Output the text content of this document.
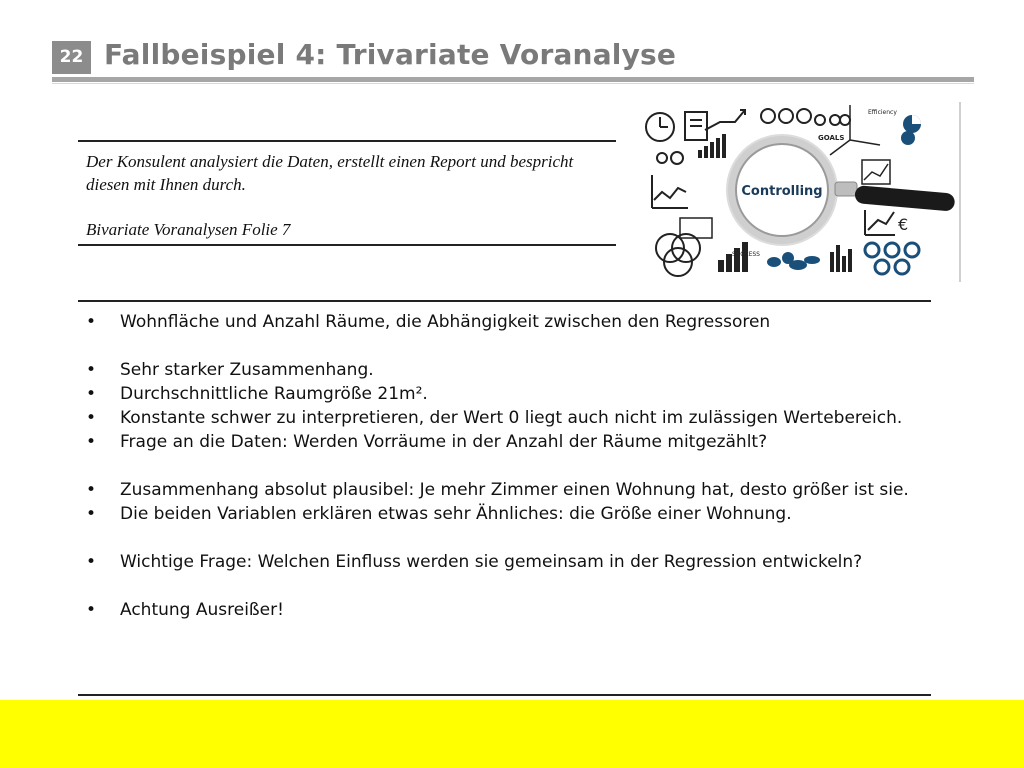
22 Fallbeispiel 4: Trivariate Voranalyse
Der Konsulent analysiert die Daten, erstellt einen Report und bespricht diesen mit Ihnen durch.
Bivariate Voranalysen Folie 7
GOALS
Efficiency
Controlling
€
SUCCESS
• Wohnfläche und Anzahl Räume, die Abhängigkeit zwischen den Regressoren
• Sehr starker Zusammenhang.
• Durchschnittliche Raumgröße 21m².
• Konstante schwer zu interpretieren, der Wert 0 liegt auch nicht im zulässigen Wertebereich.
• Frage an die Daten: Werden Vorräume in der Anzahl der Räume mitgezählt?
• Zusammenhang absolut plausibel: Je mehr Zimmer einen Wohnung hat, desto größer ist sie.
• Die beiden Variablen erklären etwas sehr Ähnliches: die Größe einer Wohnung.
• Wichtige Frage: Welchen Einfluss werden sie gemeinsam in der Regression entwickeln?
• Achtung Ausreißer!
